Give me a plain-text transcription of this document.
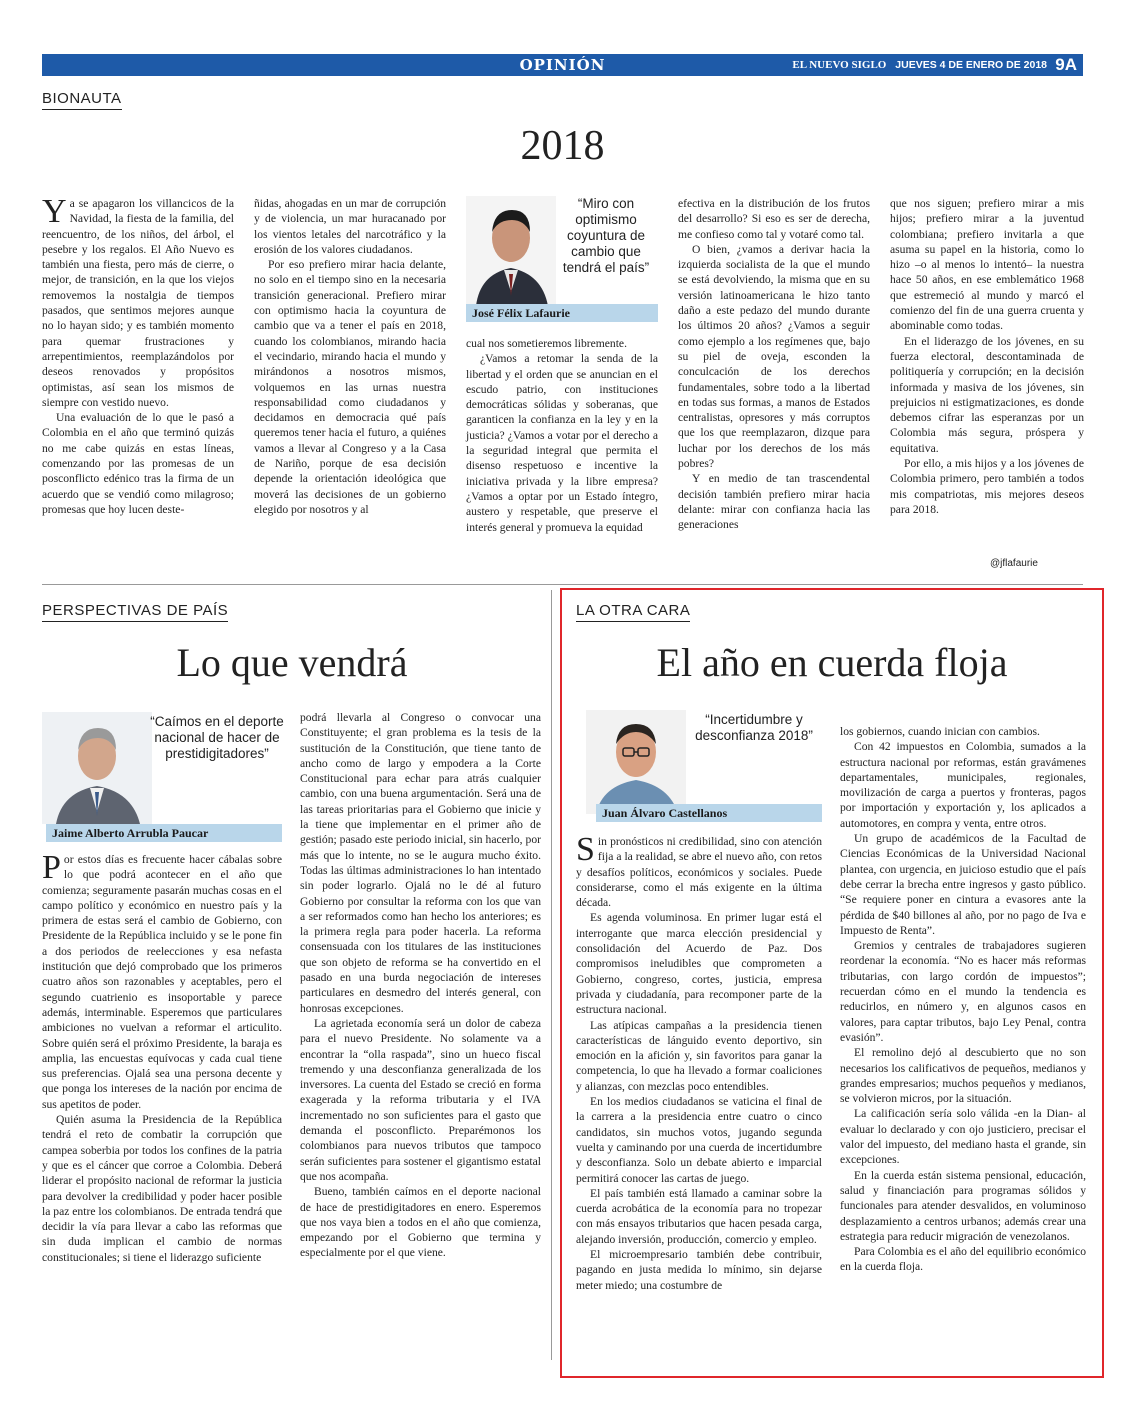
OPINIÓN	EL NUEVO SIGLO JUEVES 4 DE ENERO DE 2018 9A
BIONAUTA
2018

Ya se apagaron los villancicos de la Navidad, la fiesta de la familia, del reencuentro, de los niños, del árbol, el pesebre y los regalos. El Año Nuevo es también una fiesta, pero más de cierre, o mejor, de transición, en la que los viejos removemos la nostalgia de tiempos pasados, que sentimos mejores aunque no lo hayan sido; y es también momento para quemar frustraciones y arrepentimientos, reemplazándolos por deseos renovados y propósitos optimistas, así sean los mismos de siempre con vestido nuevo.

Una evaluación de lo que le pasó a Colombia en el año que terminó quizás no me cabe quizás en estas líneas, comenzando por las promesas de un posconflicto edénico tras la firma de un acuerdo que se vendió como milagroso; promesas que hoy lucen deste-

ñidas, ahogadas en un mar de corrupción y de violencia, un mar huracanado por los vientos letales del narcotráfico y la erosión de los valores ciudadanos.

Por eso prefiero mirar hacia delante, no solo en el tiempo sino en la necesaria transición generacional. Prefiero mirar con optimismo hacia la coyuntura de cambio que va a tener el país en 2018, cuando los colombianos, mirando hacia el vecindario, mirando hacia el mundo y mirándonos a nosotros mismos, volquemos en las urnas nuestra responsabilidad como ciudadanos y decidamos en democracia qué país queremos tener hacia el futuro, a quiénes vamos a llevar al Congreso y a la Casa de Nariño, porque de esa decisión depende la orientación ideológica que moverá las decisiones de un gobierno elegido por nosotros y al

“Miro con optimismo coyuntura de cambio que tendrá el país”
José Félix Lafaurie

cual nos sometieremos libremente.

¿Vamos a retomar la senda de la libertad y el orden que se anuncian en el escudo patrio, con instituciones democráticas sólidas y soberanas, que garanticen la confianza en la ley y en la justicia? ¿Vamos a votar por el derecho a la seguridad integral que permita el disenso respetuoso e incentive la iniciativa privada y la libre empresa? ¿Vamos a optar por un Estado íntegro, austero y respetable, que preserve el interés general y promueva la equidad

efectiva en la distribución de los frutos del desarrollo? Si eso es ser de derecha, me confieso como tal y votaré como tal.

O bien, ¿vamos a derivar hacia la izquierda socialista de la que el mundo se está devolviendo, la misma que en su versión latinoamericana le hizo tanto daño a este pedazo del mundo durante los últimos 20 años? ¿Vamos a seguir como ejemplo a los regímenes que, bajo su piel de oveja, esconden la conculcación de los derechos fundamentales, sobre todo a la libertad en todas sus formas, a manos de Estados centralistas, opresores y más corruptos que los que reemplazaron, dizque para luchar por los derechos de los más pobres?

Y en medio de tan trascendental decisión también prefiero mirar hacia delante: mirar con confianza hacia las generaciones

que nos siguen; prefiero mirar a mis hijos; prefiero mirar a la juventud colombiana; prefiero invitarla a que asuma su papel en la historia, como lo hizo –o al menos lo intentó– la nuestra hace 50 años, en ese emblemático 1968 que estremeció al mundo y marcó el comienzo del fin de una guerra cruenta y abominable como todas.

En el liderazgo de los jóvenes, en su fuerza electoral, descontaminada de politiquería y corrupción; en la decisión informada y masiva de los jóvenes, sin prejuicios ni estigmatizaciones, es donde debemos cifrar las esperanzas por un Colombia más segura, próspera y equitativa.

Por ello, a mis hijos y a los jóvenes de Colombia primero, pero también a todos mis compatriotas, mis mejores deseos para 2018.

@jflafaurie
PERSPECTIVAS DE PAÍS
Lo que vendrá
“Caímos en el deporte nacional de hacer de prestidigitadores”
Jaime Alberto Arrubla Paucar

Por estos días es frecuente hacer cábalas sobre lo que podrá acontecer en el año que comienza; seguramente pasarán muchas cosas en el campo político y económico en nuestro país y la primera de estas será el cambio de Gobierno, con Presidente de la República incluido y se le pone fin a dos periodos de reelecciones y esa nefasta institución que dejó comprobado que los primeros cuatro años son razonables y aceptables, pero el segundo cuatrienio es insoportable y parece además, interminable. Esperemos que particulares ambiciones no vuelvan a reformar el articulito. Sobre quién será el próximo Presidente, la baraja es amplia, las encuestas equívocas y cada cual tiene sus preferencias. Ojalá sea una persona decente y que ponga los intereses de la nación por encima de sus apetitos de poder.

Quién asuma la Presidencia de la República tendrá el reto de combatir la corrupción que campea soberbia por todos los confines de la patria y que es el cáncer que corroe a Colombia. Deberá liderar el propósito nacional de reformar la justicia para devolver la credibilidad y poder hacer posible la paz entre los colombianos. De entrada tendrá que decidir la vía para llevar a cabo las reformas que sin duda implican el cambio de normas constitucionales; si tiene el liderazgo suficiente

podrá llevarla al Congreso o convocar una Constituyente; el gran problema es la tesis de la sustitución de la Constitución, que tiene tanto de ancho como de largo y empodera a la Corte Constitucional para echar para atrás cualquier cambio, con una buena argumentación. Será una de las tareas prioritarias para el Gobierno que inicie y la tiene que implementar en el primer año de gestión; pasado este periodo inicial, sin hacerlo, por más que lo intente, no se le augura mucho éxito. Todas las últimas administraciones lo han intentado sin poder lograrlo. Ojalá no le dé al futuro Gobierno por consultar la reforma con los que van a ser reformados como han hecho los anteriores; es la primera regla para poder hacerla. La reforma consensuada con los titulares de las instituciones que son objeto de reforma se ha convertido en el pasado en una burda negociación de intereses particulares en desmedro del interés general, con honrosas excepciones.

La agrietada economía será un dolor de cabeza para el nuevo Presidente. No solamente va a encontrar la “olla raspada”, sino un hueco fiscal tremendo y una desconfianza generalizada de los inversores. La cuenta del Estado se creció en forma exagerada y la reforma tributaria y el IVA incrementado no son suficientes para el gasto que demanda el posconflicto. Preparémonos los colombianos para nuevos tributos que tampoco serán suficientes para sostener el gigantismo estatal que nos acompaña.

Bueno, también caímos en el deporte nacional de hace de prestidigitadores en enero. Esperemos que nos vaya bien a todos en el año que comienza, empezando por el Gobierno que termina y especialmente por el que viene.

LA OTRA CARA
El año en cuerda floja
“Incertidumbre y desconfianza 2018”
Juan Álvaro Castellanos

Sin pronósticos ni credibilidad, sino con atención fija a la realidad, se abre el nuevo año, con retos y desafíos políticos, económicos y sociales. Puede considerarse, como el más exigente en la última década.

Es agenda voluminosa. En primer lugar está el interrogante que marca elección presidencial y consolidación del Acuerdo de Paz. Dos compromisos ineludibles que comprometen a Gobierno, congreso, cortes, justicia, empresa privada y ciudadanía, para recomponer parte de la estructura nacional.

Las atípicas campañas a la presidencia tienen características de lánguido evento deportivo, sin emoción en la afición y, sin favoritos para ganar la competencia, lo que ha llevado a formar coaliciones y alianzas, con mezclas poco entendibles.

En los medios ciudadanos se vaticina el final de la carrera a la presidencia entre cuatro o cinco candidatos, sin muchos votos, jugando segunda vuelta y caminando por una cuerda de incertidumbre y desconfianza. Solo un debate abierto e imparcial permitirá conocer las cartas de juego.

El país también está llamado a caminar sobre la cuerda acrobática de la economía para no tropezar con más ensayos tributarios que hacen pesada carga, alejando inversión, producción, comercio y empleo.

El microempresario también debe contribuir, pagando en justa medida lo mínimo, sin dejarse meter miedo; una costumbre de

los gobiernos, cuando inician con cambios.

Con 42 impuestos en Colombia, sumados a la estructura nacional por reformas, están gravámenes departamentales, municipales, regionales, movilización de carga a puertos y fronteras, pagos por importación y exportación y, los aplicados a automotores, en compra y venta, entre otros.

Un grupo de académicos de la Facultad de Ciencias Económicas de la Universidad Nacional plantea, con urgencia, en juicioso estudio que el país debe cerrar la brecha entre ingresos y gasto público. “Se requiere poner en cintura a evasores ante la pérdida de $40 billones al año, por no pago de Iva e Impuesto de Renta”.

Gremios y centrales de trabajadores sugieren reordenar la economía. “No es hacer más reformas tributarias, con largo cordón de impuestos”; recuerdan cómo en el mundo la tendencia es reducirlos, en número y, en algunos casos en valores, para captar tributos, bajo Ley Penal, contra evasión”.

El remolino dejó al descubierto que no son necesarios los calificativos de pequeños, medianos y grandes empresarios; muchos pequeños y medianos, se volvieron micros, por la situación.

La calificación sería solo válida -en la Dian- al evaluar lo declarado y con ojo justiciero, precisar el valor del impuesto, del mediano hasta el grande, sin excepciones.

En la cuerda están sistema pensional, educación, salud y financiación para programas sólidos y funcionales para atender desvalidos, en voluminoso desplazamiento a centros urbanos; además crear una estrategia para reducir migración de venezolanos.

Para Colombia es el año del equilibrio económico en la cuerda floja.
